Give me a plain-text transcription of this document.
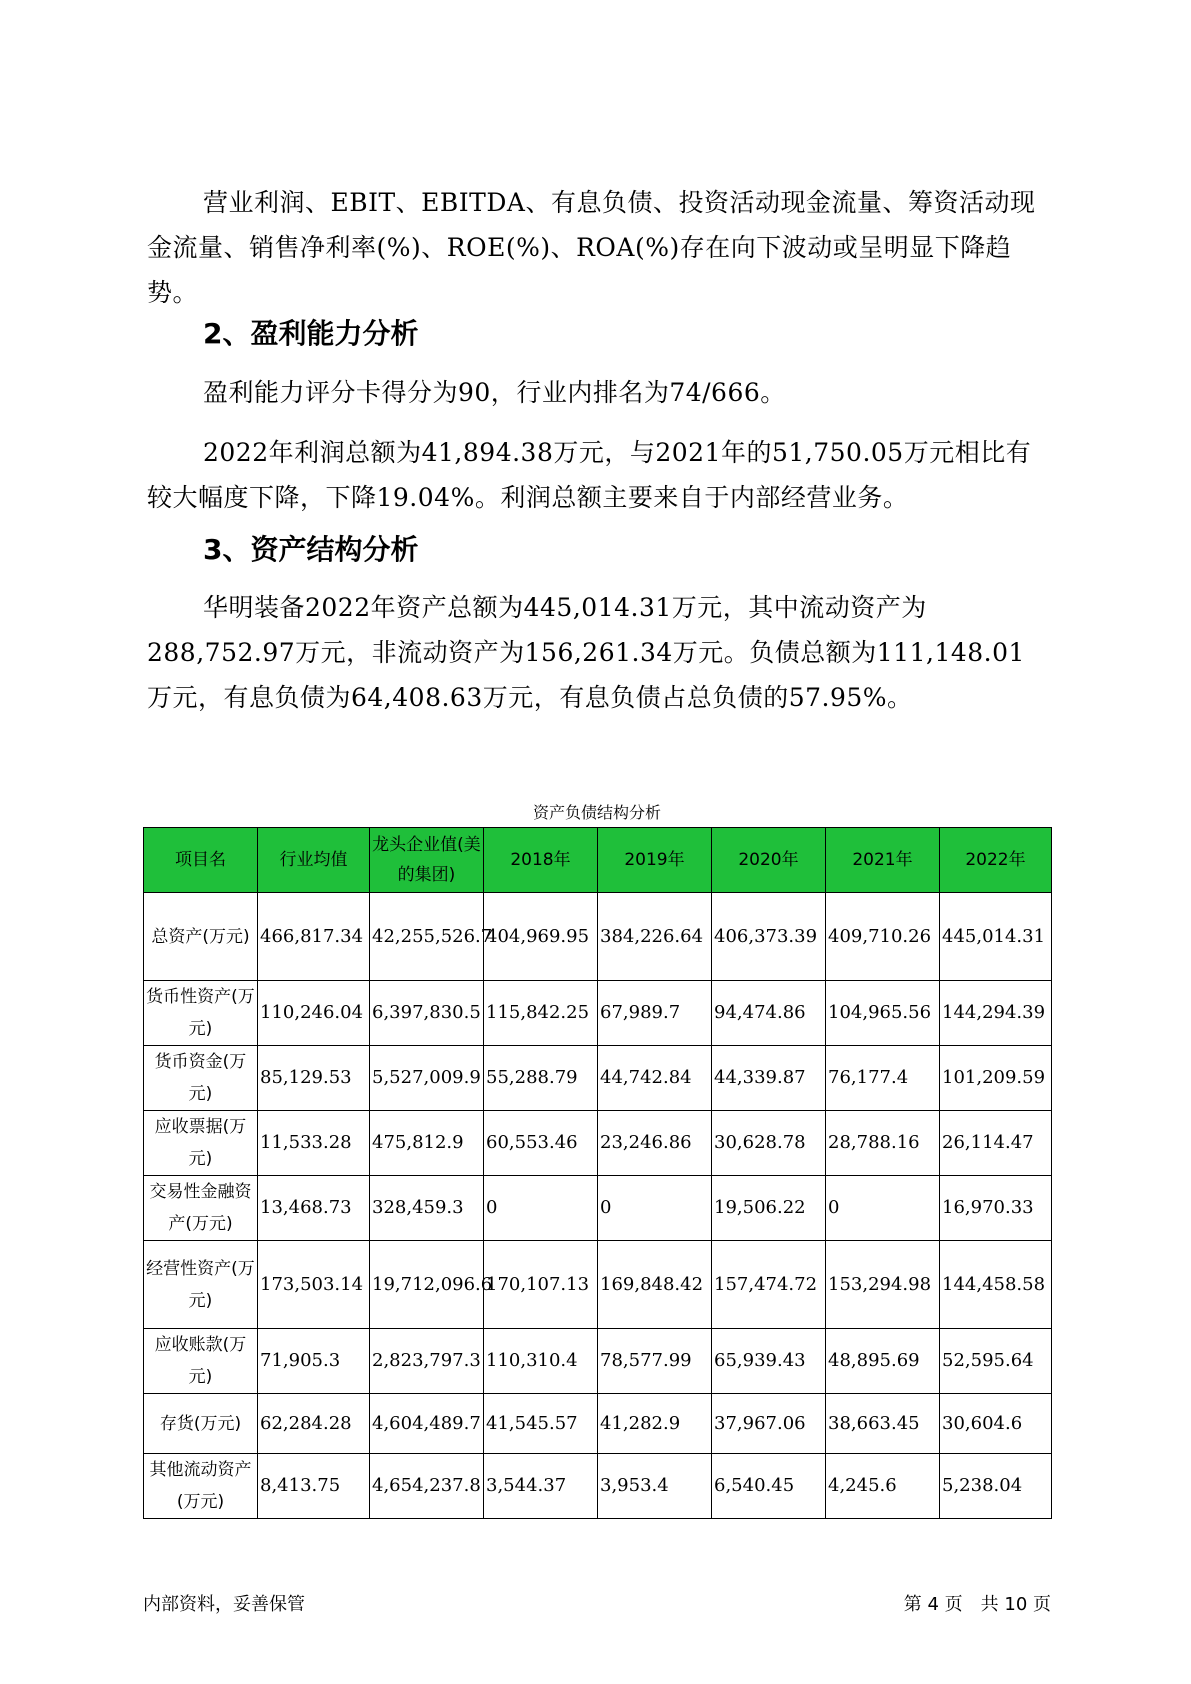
营业利润、EBIT、EBITDA、有息负债、投资活动现金流量、筹资活动现金流量、销售净利率(%)、ROE(%)、ROA(%)存在向下波动或呈明显下降趋势。

2、盈利能力分析

盈利能力评分卡得分为90，行业内排名为74/666。

2022年利润总额为41,894.38万元，与2021年的51,750.05万元相比有较大幅度下降，下降19.04%。利润总额主要来自于内部经营业务。

3、资产结构分析

华明装备2022年资产总额为445,014.31万元，其中流动资产为288,752.97万元，非流动资产为156,261.34万元。负债总额为111,148.01万元，有息负债为64,408.63万元，有息负债占总负债的57.95%。

资产负债结构分析
项目名	行业均值	龙头企业值(美的集团)	2018年	2019年	2020年	2021年	2022年
总资产(万元)	466,817.34	42,255,526.7	404,969.95	384,226.64	406,373.39	409,710.26	445,014.31
货币性资产(万元)	110,246.04	6,397,830.5	115,842.25	67,989.7	94,474.86	104,965.56	144,294.39
货币资金(万元)	85,129.53	5,527,009.9	55,288.79	44,742.84	44,339.87	76,177.4	101,209.59
应收票据(万元)	11,533.28	475,812.9	60,553.46	23,246.86	30,628.78	28,788.16	26,114.47
交易性金融资产(万元)	13,468.73	328,459.3	0	0	19,506.22	0	16,970.33
经营性资产(万元)	173,503.14	19,712,096.6	170,107.13	169,848.42	157,474.72	153,294.98	144,458.58
应收账款(万元)	71,905.3	2,823,797.3	110,310.4	78,577.99	65,939.43	48,895.69	52,595.64
存货(万元)	62,284.28	4,604,489.7	41,545.57	41,282.9	37,967.06	38,663.45	30,604.6
其他流动资产(万元)	8,413.75	4,654,237.8	3,544.37	3,953.4	6,540.45	4,245.6	5,238.04
内部资料，妥善保管	第 4 页　共 10 页
